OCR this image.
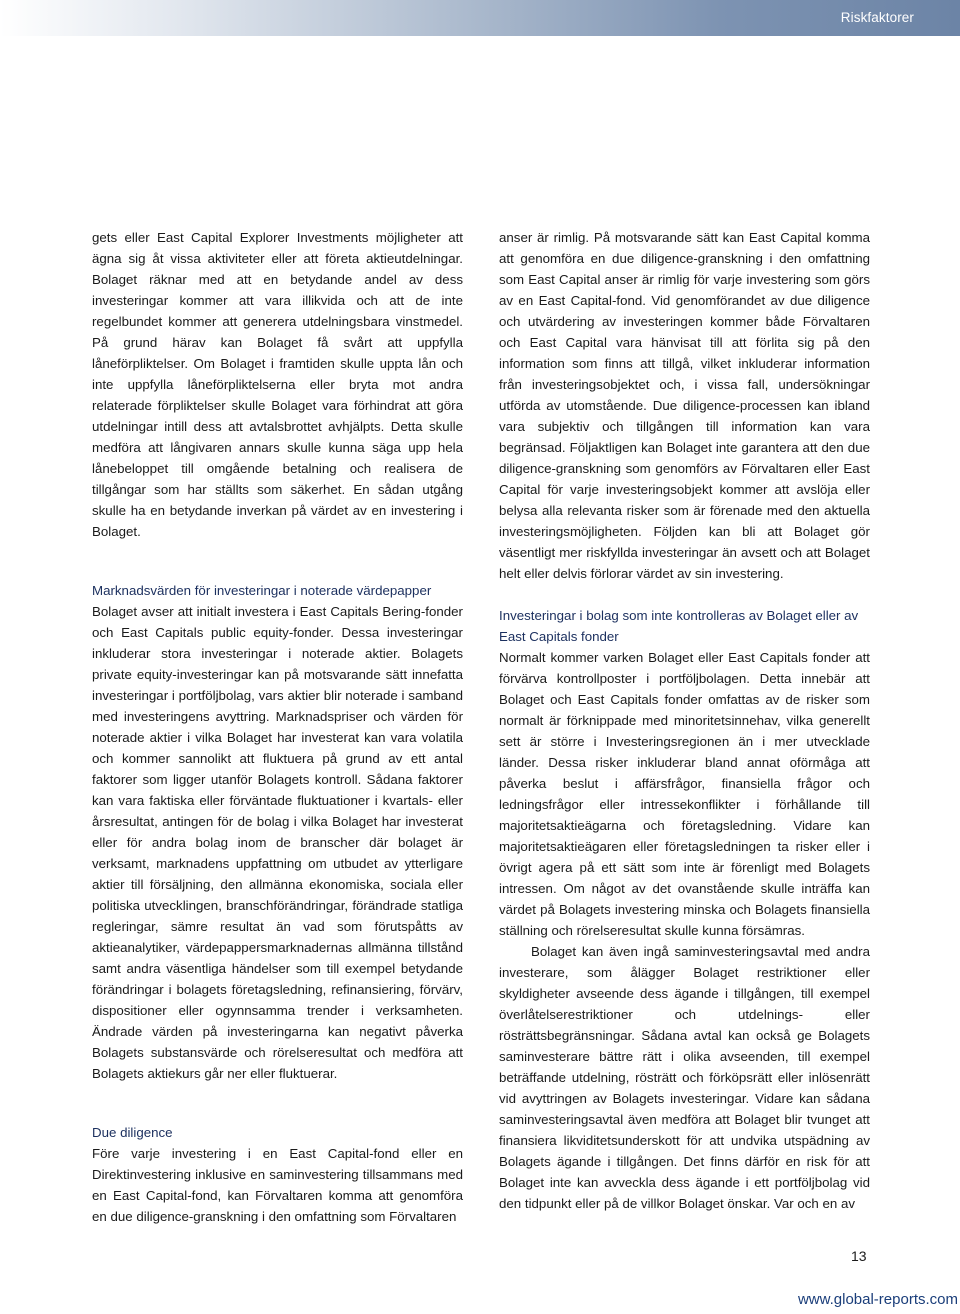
Riskfaktorer

gets eller East Capital Explorer Investments möjligheter att ägna sig åt vissa aktiviteter eller att företa aktieutdelningar. Bolaget räknar med att en betydande andel av dess investeringar kommer att vara illikvida och att de inte regelbundet kommer att generera utdelningsbara vinstmedel. På grund härav kan Bolaget få svårt att uppfylla låneförpliktelser. Om Bolaget i framtiden skulle uppta lån och inte uppfylla låneförpliktelserna eller bryta mot andra relaterade förpliktelser skulle Bolaget vara förhindrat att göra utdelningar intill dess att avtalsbrottet avhjälpts. Detta skulle medföra att långivaren annars skulle kunna säga upp hela lånebeloppet till omgående betalning och realisera de tillgångar som har ställts som säkerhet. En sådan utgång skulle ha en betydande inverkan på värdet av en investering i Bolaget.

Marknadsvärden för investeringar i noterade värdepapper

Bolaget avser att initialt investera i East Capitals Bering-fonder och East Capitals public equity-fonder. Dessa investeringar inkluderar stora investeringar i noterade aktier. Bolagets private equity-investeringar kan på motsvarande sätt innefatta investeringar i portföljbolag, vars aktier blir noterade i samband med investeringens avyttring. Marknadspriser och värden för noterade aktier i vilka Bolaget har investerat kan vara volatila och kommer sannolikt att fluktuera på grund av ett antal faktorer som ligger utanför Bolagets kontroll. Sådana faktorer kan vara faktiska eller förväntade fluktuationer i kvartals- eller årsresultat, antingen för de bolag i vilka Bolaget har investerat eller för andra bolag inom de branscher där bolaget är verksamt, marknadens uppfattning om utbudet av ytterligare aktier till försäljning, den allmänna ekonomiska, sociala eller politiska utvecklingen, branschförändringar, förändrade statliga regleringar, sämre resultat än vad som förutspåtts av aktieanalytiker, värdepappersmarknadernas allmänna tillstånd samt andra väsentliga händelser som till exempel betydande förändringar i bolagets företagsledning, refinansiering, förvärv, dispositioner eller ogynnsamma trender i verksamheten. Ändrade värden på investeringarna kan negativt påverka Bolagets substansvärde och rörelseresultat och medföra att Bolagets aktiekurs går ner eller fluktuerar.

Due diligence

Före varje investering i en East Capital-fond eller en Direktinvestering inklusive en saminvestering tillsammans med en East Capital-fond, kan Förvaltaren komma att genomföra en due diligence-granskning i den omfattning som Förvaltaren

anser är rimlig. På motsvarande sätt kan East Capital komma att genomföra en due diligence-granskning i den omfattning som East Capital anser är rimlig för varje investering som görs av en East Capital-fond. Vid genomförandet av due diligence och utvärdering av investeringen kommer både Förvaltaren och East Capital vara hänvisat till att förlita sig på den information som finns att tillgå, vilket inkluderar information från investeringsobjektet och, i vissa fall, undersökningar utförda av utomstående. Due diligence-processen kan ibland vara subjektiv och tillgången till information kan vara begränsad. Följaktligen kan Bolaget inte garantera att den due diligence-granskning som genomförs av Förvaltaren eller East Capital för varje investeringsobjekt kommer att avslöja eller belysa alla relevanta risker som är förenade med den aktuella investeringsmöjligheten. Följden kan bli att Bolaget gör väsentligt mer riskfyllda investeringar än avsett och att Bolaget helt eller delvis förlorar värdet av sin investering.

Investeringar i bolag som inte kontrolleras av Bolaget eller av East Capitals fonder

Normalt kommer varken Bolaget eller East Capitals fonder att förvärva kontrollposter i portföljbolagen. Detta innebär att Bolaget och East Capitals fonder omfattas av de risker som normalt är förknippade med minoritetsinnehav, vilka generellt sett är större i Investeringsregionen än i mer utvecklade länder. Dessa risker inkluderar bland annat oförmåga att påverka beslut i affärsfrågor, finansiella frågor och ledningsfrågor eller intressekonflikter i förhållande till majoritetsaktieägarna och företagsledning. Vidare kan majoritetsaktieägaren eller företagsledningen ta risker eller i övrigt agera på ett sätt som inte är förenligt med Bolagets intressen. Om något av det ovanstående skulle inträffa kan värdet på Bolagets investering minska och Bolagets finansiella ställning och rörelseresultat skulle kunna försämras.

Bolaget kan även ingå saminvesteringsavtal med andra investerare, som ålägger Bolaget restriktioner eller skyldigheter avseende dess ägande i tillgången, till exempel överlåtelserestriktioner och utdelnings- eller rösträttsbegränsningar. Sådana avtal kan också ge Bolagets saminvesterare bättre rätt i olika avseenden, till exempel beträffande utdelning, rösträtt och förköpsrätt eller inlösenrätt vid avyttringen av Bolagets investeringar. Vidare kan sådana saminvesteringsavtal även medföra att Bolaget blir tvunget att finansiera likviditetsunderskott för att undvika utspädning av Bolagets ägande i tillgången. Det finns därför en risk för att Bolaget inte kan avveckla dess ägande i ett portföljbolag vid den tidpunkt eller på de villkor Bolaget önskar. Var och en av

13
www.global-reports.com
